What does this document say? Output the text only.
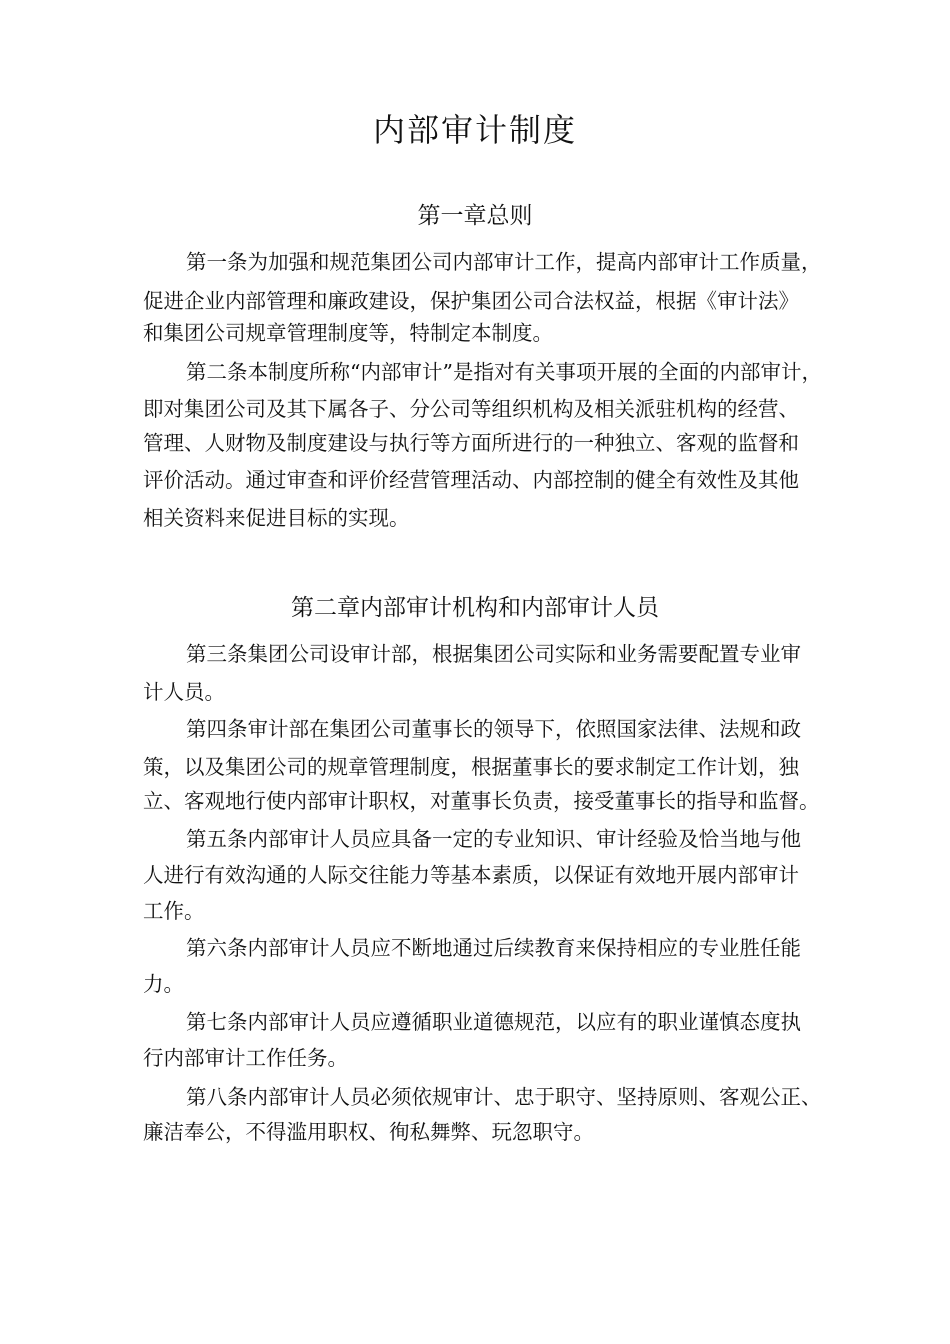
内部审计制度
第一章总则

第一条为加强和规范集团公司内部审计工作，提高内部审计工作质量，

促进企业内部管理和廉政建设，保护集团公司合法权益，根据《审计法》

和集团公司规章管理制度等，特制定本制度。

第二条本制度所称“内部审计”是指对有关事项开展的全面的内部审计，

即对集团公司及其下属各子、分公司等组织机构及相关派驻机构的经营、

管理、人财物及制度建设与执行等方面所进行的一种独立、客观的监督和

评价活动。通过审查和评价经营管理活动、内部控制的健全有效性及其他

相关资料来促进目标的实现。

第二章内部审计机构和内部审计人员

第三条集团公司设审计部，根据集团公司实际和业务需要配置专业审

计人员。

第四条审计部在集团公司董事长的领导下，依照国家法律、法规和政

策，以及集团公司的规章管理制度，根据董事长的要求制定工作计划，独

立、客观地行使内部审计职权，对董事长负责，接受董事长的指导和监督。

第五条内部审计人员应具备一定的专业知识、审计经验及恰当地与他

人进行有效沟通的人际交往能力等基本素质，以保证有效地开展内部审计

工作。

第六条内部审计人员应不断地通过后续教育来保持相应的专业胜任能

力。

第七条内部审计人员应遵循职业道德规范，以应有的职业谨慎态度执

行内部审计工作任务。

第八条内部审计人员必须依规审计、忠于职守、坚持原则、客观公正、

廉洁奉公，不得滥用职权、徇私舞弊、玩忽职守。
